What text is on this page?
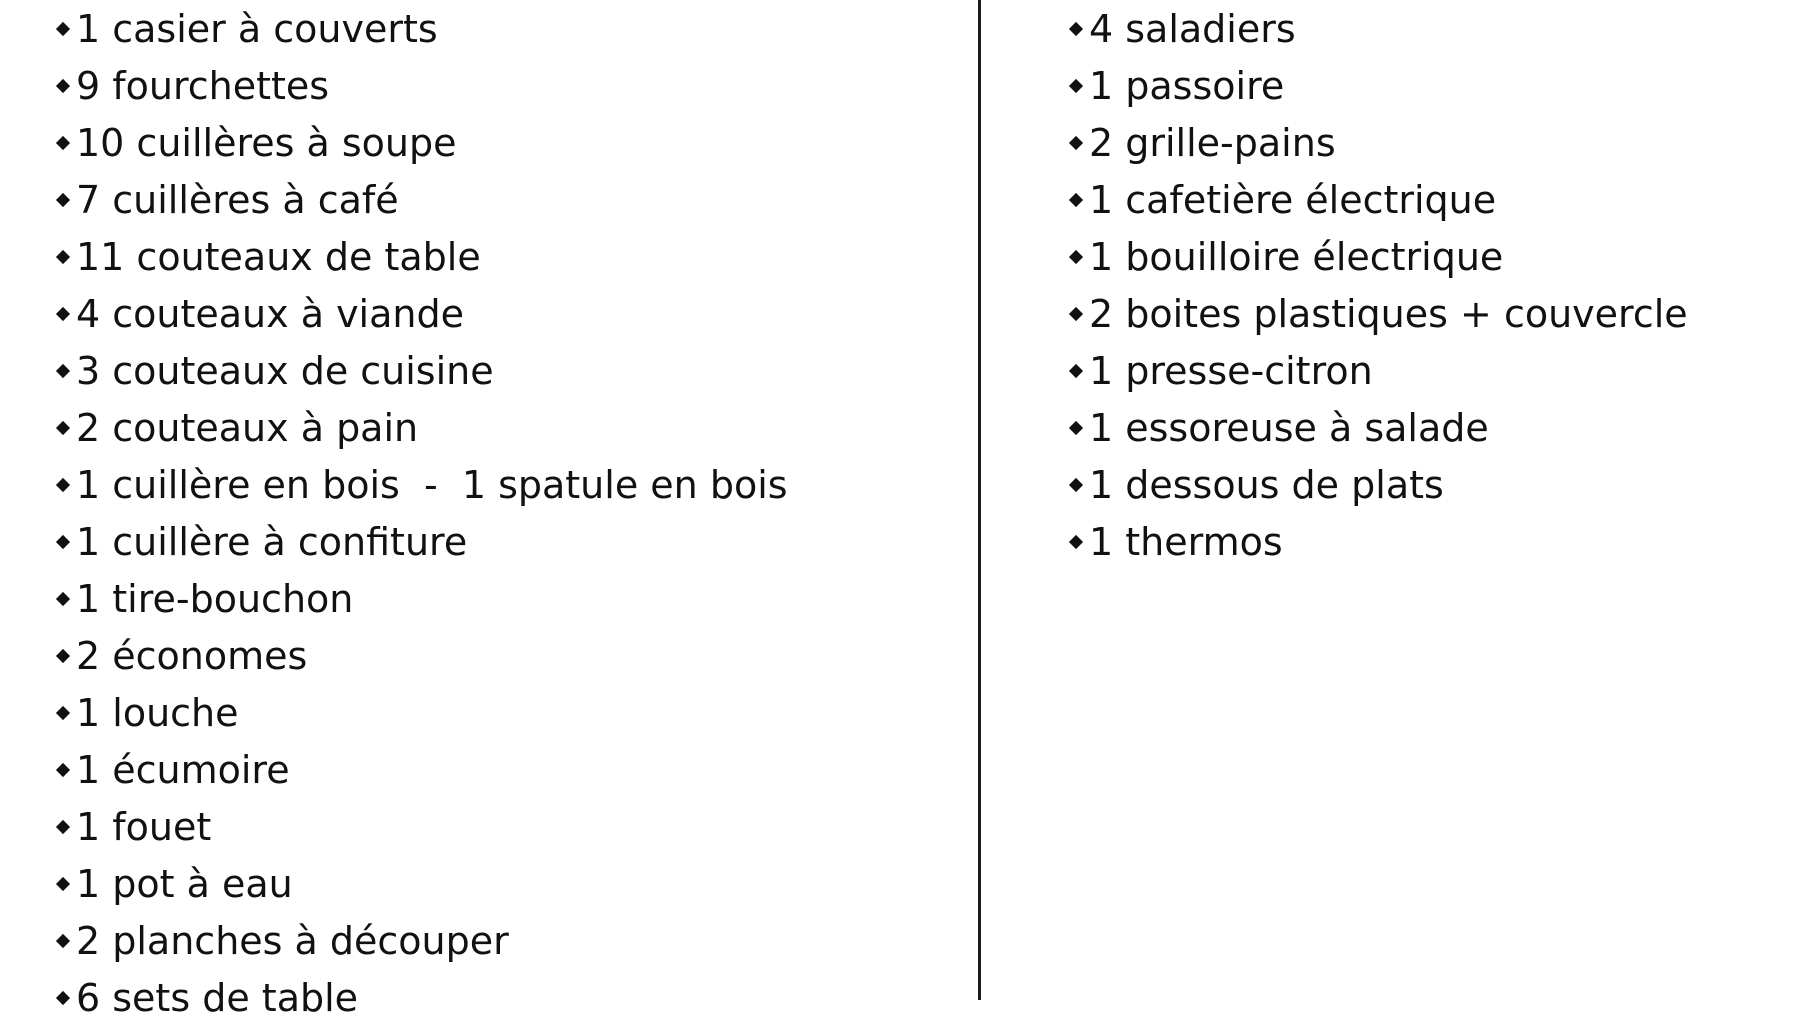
1 casier à couverts
9 fourchettes
10 cuillères à soupe
7 cuillères à café
11 couteaux de table
4 couteaux à viande
3 couteaux de cuisine
2 couteaux à pain
1 cuillère en bois  -  1 spatule en bois
1 cuillère à confiture
1 tire-bouchon
2 économes
1 louche
1 écumoire
1 fouet
1 pot à eau
2 planches à découper
6 sets de table
4 saladiers
1 passoire
2 grille-pains
1 cafetière électrique
1 bouilloire électrique
2 boites plastiques + couvercle
1 presse-citron
1 essoreuse à salade
1 dessous de plats
1 thermos
